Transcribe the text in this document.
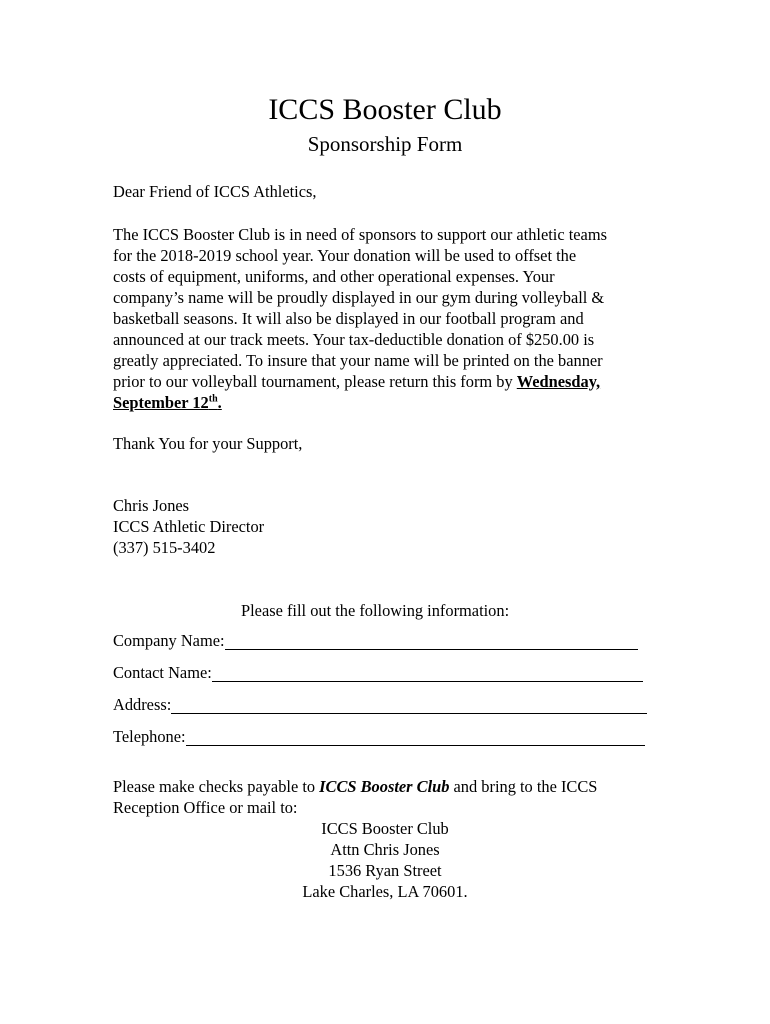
ICCS Booster Club
Sponsorship Form
Dear Friend of ICCS Athletics,
The ICCS Booster Club is in need of sponsors to support our athletic teams
for the 2018-2019 school year. Your donation will be used to offset the
costs of equipment, uniforms, and other operational expenses. Your
company’s name will be proudly displayed in our gym during volleyball &
basketball seasons. It will also be displayed in our football program and
announced at our track meets. Your tax-deductible donation of $250.00 is
greatly appreciated. To insure that your name will be printed on the banner
prior to our volleyball tournament, please return this form by Wednesday,
September 12th.
Thank You for your Support,
Chris Jones
ICCS Athletic Director
(337) 515-3402
Please fill out the following information:
Company Name:
Contact Name:
Address:
Telephone:
Please make checks payable to ICCS Booster Club and bring to the ICCS
Reception Office or mail to:
ICCS Booster Club
Attn Chris Jones
1536 Ryan Street
Lake Charles, LA 70601.
